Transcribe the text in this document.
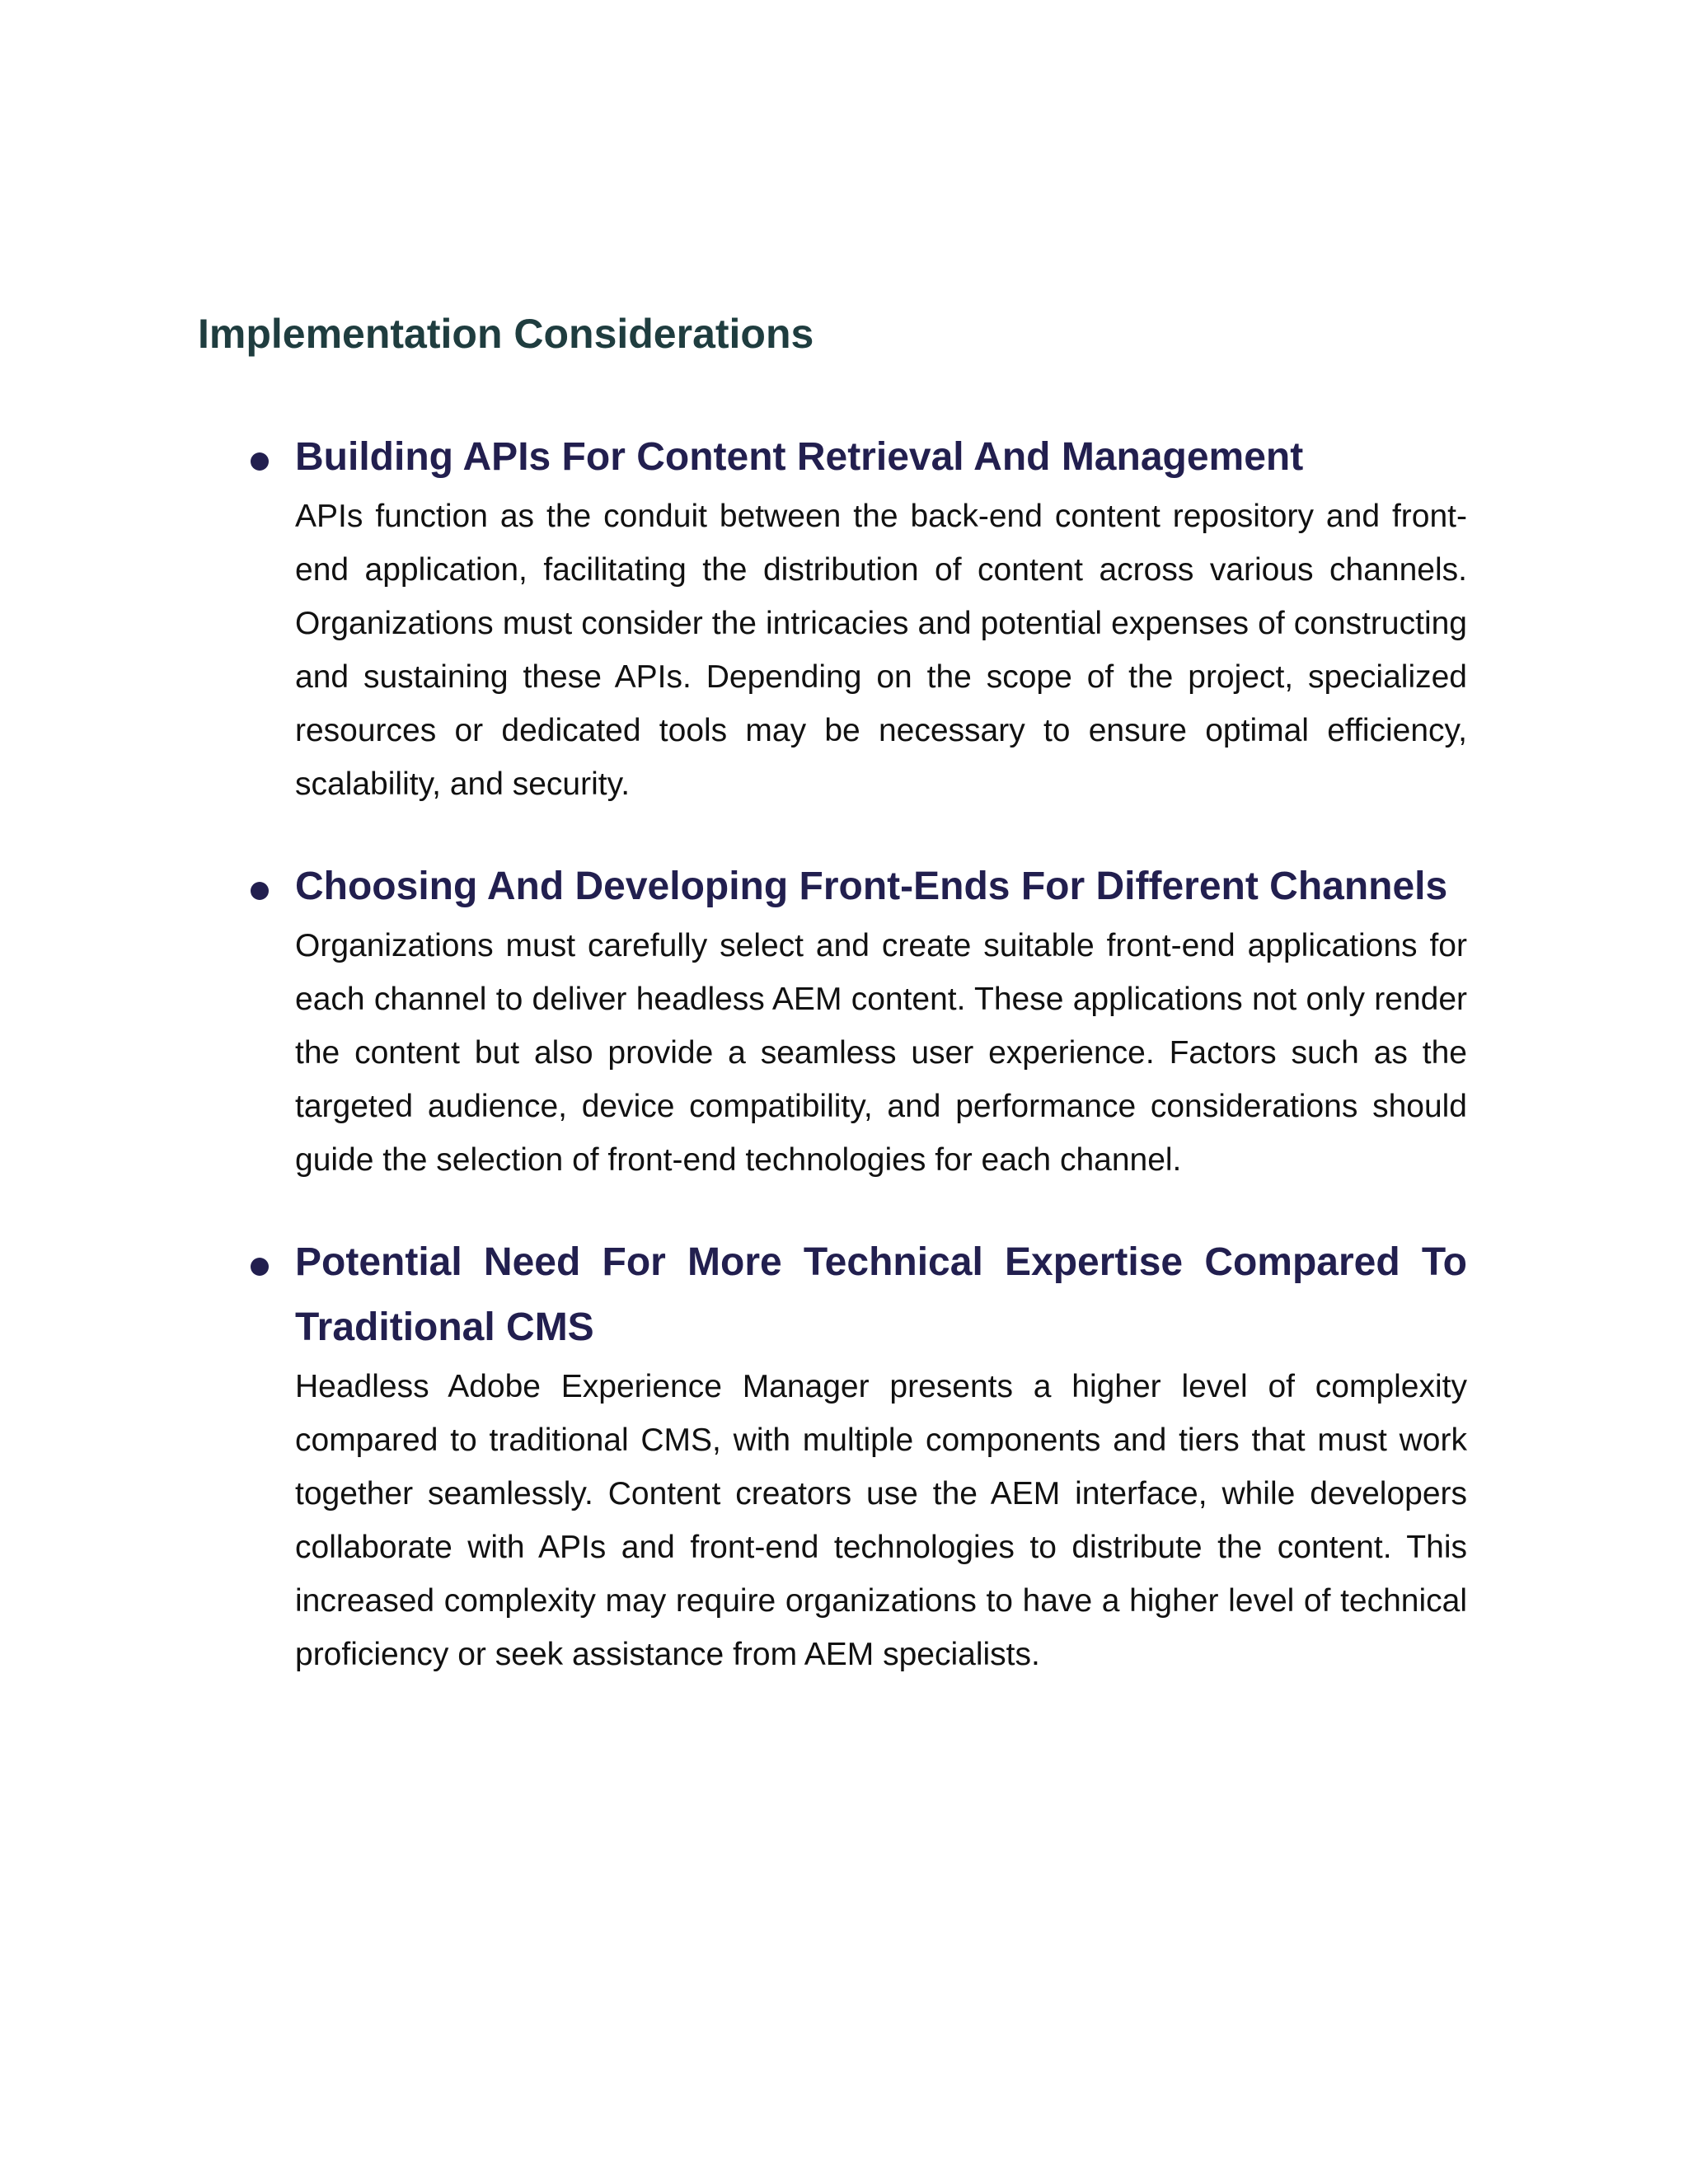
Implementation Considerations
Building APIs For Content Retrieval And Management

APIs function as the conduit between the back-end content repository and front-end application, facilitating the distribution of content across various channels. Organizations must consider the intricacies and potential expenses of constructing and sustaining these APIs. Depending on the scope of the project, specialized resources or dedicated tools may be necessary to ensure optimal efficiency, scalability, and security.

Choosing And Developing Front-Ends For Different Channels

Organizations must carefully select and create suitable front-end applications for each channel to deliver headless AEM content. These applications not only render the content but also provide a seamless user experience. Factors such as the targeted audience, device compatibility, and performance considerations should guide the selection of front-end technologies for each channel.

Potential Need For More Technical Expertise Compared To Traditional CMS

Headless Adobe Experience Manager presents a higher level of complexity compared to traditional CMS, with multiple components and tiers that must work together seamlessly. Content creators use the AEM interface, while developers collaborate with APIs and front-end technologies to distribute the content. This increased complexity may require organizations to have a higher level of technical proficiency or seek assistance from AEM specialists.
